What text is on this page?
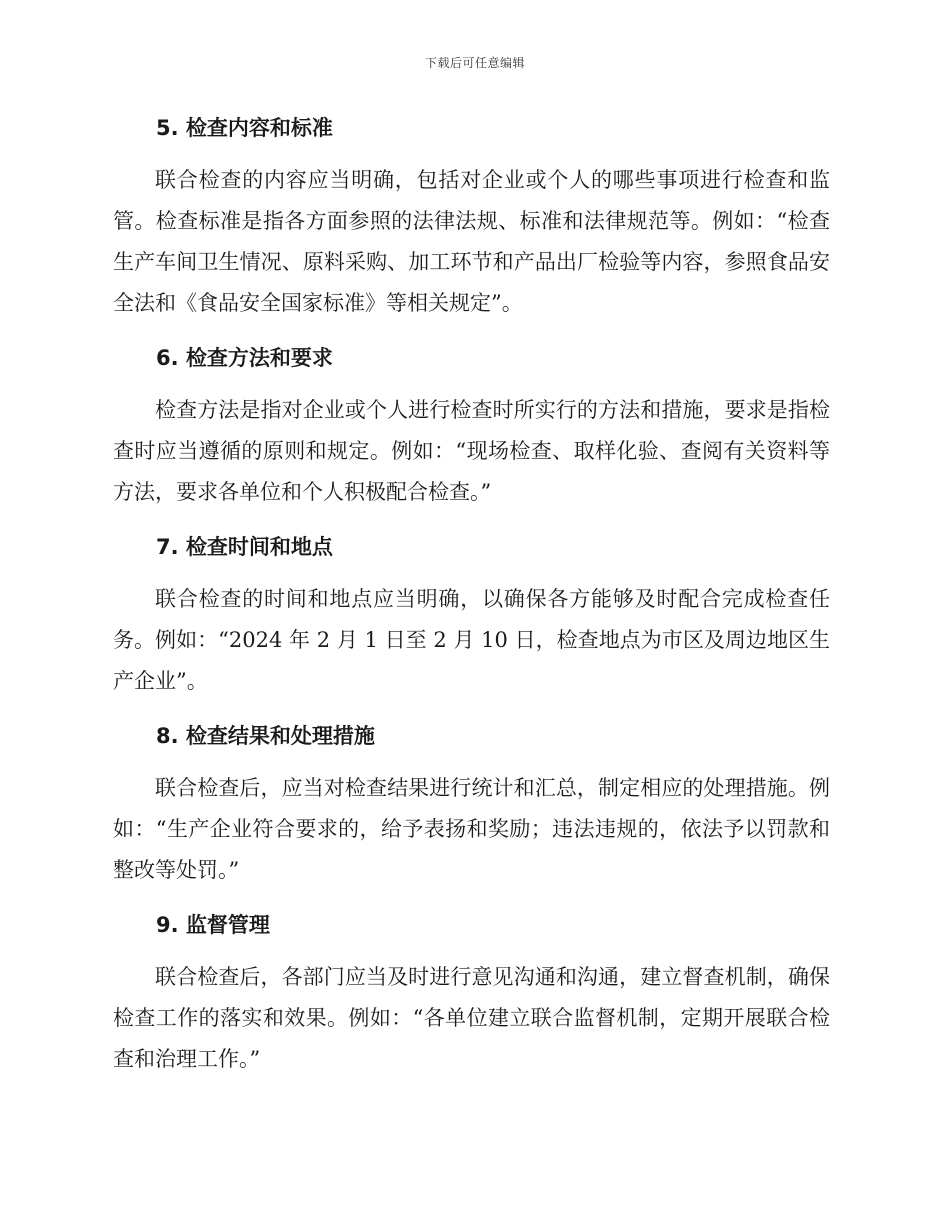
下载后可任意编辑
5. 检查内容和标准

联合检查的内容应当明确，包括对企业或个人的哪些事项进行检查和监管。检查标准是指各方面参照的法律法规、标准和法律规范等。例如：“检查生产车间卫生情况、原料采购、加工环节和产品出厂检验等内容，参照食品安全法和《食品安全国家标准》等相关规定”。

6. 检查方法和要求

检查方法是指对企业或个人进行检查时所实行的方法和措施，要求是指检查时应当遵循的原则和规定。例如：“现场检查、取样化验、查阅有关资料等方法，要求各单位和个人积极配合检查。”

7. 检查时间和地点

联合检查的时间和地点应当明确，以确保各方能够及时配合完成检查任务。例如：“2024 年 2 月 1 日至 2 月 10 日，检查地点为市区及周边地区生产企业”。

8. 检查结果和处理措施

联合检查后，应当对检查结果进行统计和汇总，制定相应的处理措施。例如：“生产企业符合要求的，给予表扬和奖励；违法违规的，依法予以罚款和整改等处罚。”

9. 监督管理

联合检查后，各部门应当及时进行意见沟通和沟通，建立督查机制，确保检查工作的落实和效果。例如：“各单位建立联合监督机制，定期开展联合检查和治理工作。”
